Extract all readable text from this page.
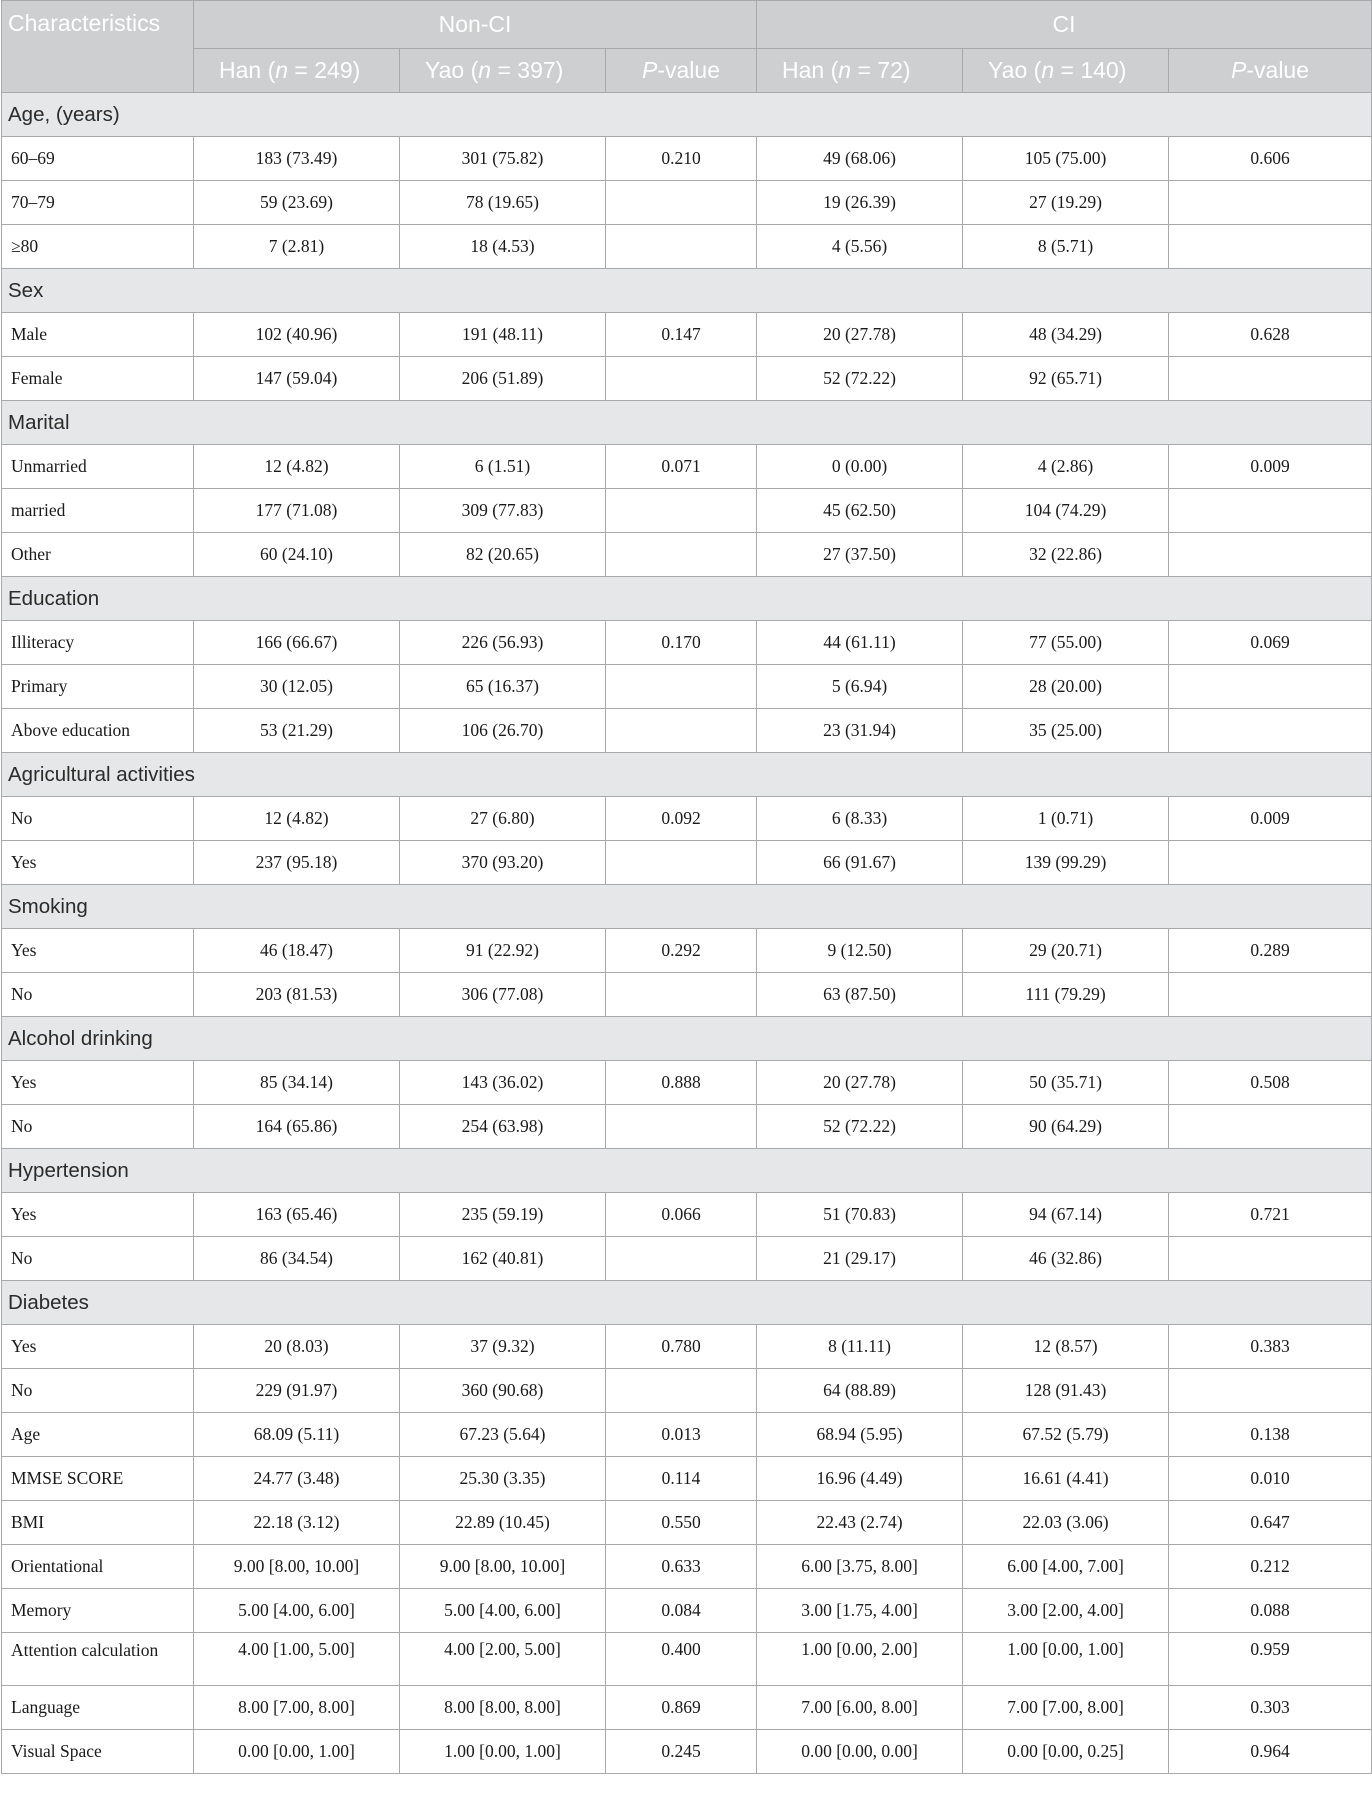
Characteristics	Non-CI			CI		
	Han (n = 249)	Yao (n = 397)	P-value	Han (n = 72)	Yao (n = 140)	P-value
Age, (years)						
60–69	183 (73.49)	301 (75.82)	0.210	49 (68.06)	105 (75.00)	0.606
70–79	59 (23.69)	78 (19.65)		19 (26.39)	27 (19.29)	
≥80	7 (2.81)	18 (4.53)		4 (5.56)	8 (5.71)	
Sex						
Male	102 (40.96)	191 (48.11)	0.147	20 (27.78)	48 (34.29)	0.628
Female	147 (59.04)	206 (51.89)		52 (72.22)	92 (65.71)	
Marital						
Unmarried	12 (4.82)	6 (1.51)	0.071	0 (0.00)	4 (2.86)	0.009
married	177 (71.08)	309 (77.83)		45 (62.50)	104 (74.29)	
Other	60 (24.10)	82 (20.65)		27 (37.50)	32 (22.86)	
Education						
Illiteracy	166 (66.67)	226 (56.93)	0.170	44 (61.11)	77 (55.00)	0.069
Primary	30 (12.05)	65 (16.37)		5 (6.94)	28 (20.00)	
Above education	53 (21.29)	106 (26.70)		23 (31.94)	35 (25.00)	
Agricultural activities						
No	12 (4.82)	27 (6.80)	0.092	6 (8.33)	1 (0.71)	0.009
Yes	237 (95.18)	370 (93.20)		66 (91.67)	139 (99.29)	
Smoking						
Yes	46 (18.47)	91 (22.92)	0.292	9 (12.50)	29 (20.71)	0.289
No	203 (81.53)	306 (77.08)		63 (87.50)	111 (79.29)	
Alcohol drinking						
Yes	85 (34.14)	143 (36.02)	0.888	20 (27.78)	50 (35.71)	0.508
No	164 (65.86)	254 (63.98)		52 (72.22)	90 (64.29)	
Hypertension						
Yes	163 (65.46)	235 (59.19)	0.066	51 (70.83)	94 (67.14)	0.721
No	86 (34.54)	162 (40.81)		21 (29.17)	46 (32.86)	
Diabetes						
Yes	20 (8.03)	37 (9.32)	0.780	8 (11.11)	12 (8.57)	0.383
No	229 (91.97)	360 (90.68)		64 (88.89)	128 (91.43)	
Age	68.09 (5.11)	67.23 (5.64)	0.013	68.94 (5.95)	67.52 (5.79)	0.138
MMSE SCORE	24.77 (3.48)	25.30 (3.35)	0.114	16.96 (4.49)	16.61 (4.41)	0.010
BMI	22.18 (3.12)	22.89 (10.45)	0.550	22.43 (2.74)	22.03 (3.06)	0.647
Orientational	9.00 [8.00, 10.00]	9.00 [8.00, 10.00]	0.633	6.00 [3.75, 8.00]	6.00 [4.00, 7.00]	0.212
Memory	5.00 [4.00, 6.00]	5.00 [4.00, 6.00]	0.084	3.00 [1.75, 4.00]	3.00 [2.00, 4.00]	0.088
Attention calculation	4.00 [1.00, 5.00]	4.00 [2.00, 5.00]	0.400	1.00 [0.00, 2.00]	1.00 [0.00, 1.00]	0.959
Language	8.00 [7.00, 8.00]	8.00 [8.00, 8.00]	0.869	7.00 [6.00, 8.00]	7.00 [7.00, 8.00]	0.303
Visual Space	0.00 [0.00, 1.00]	1.00 [0.00, 1.00]	0.245	0.00 [0.00, 0.00]	0.00 [0.00, 0.25]	0.964
